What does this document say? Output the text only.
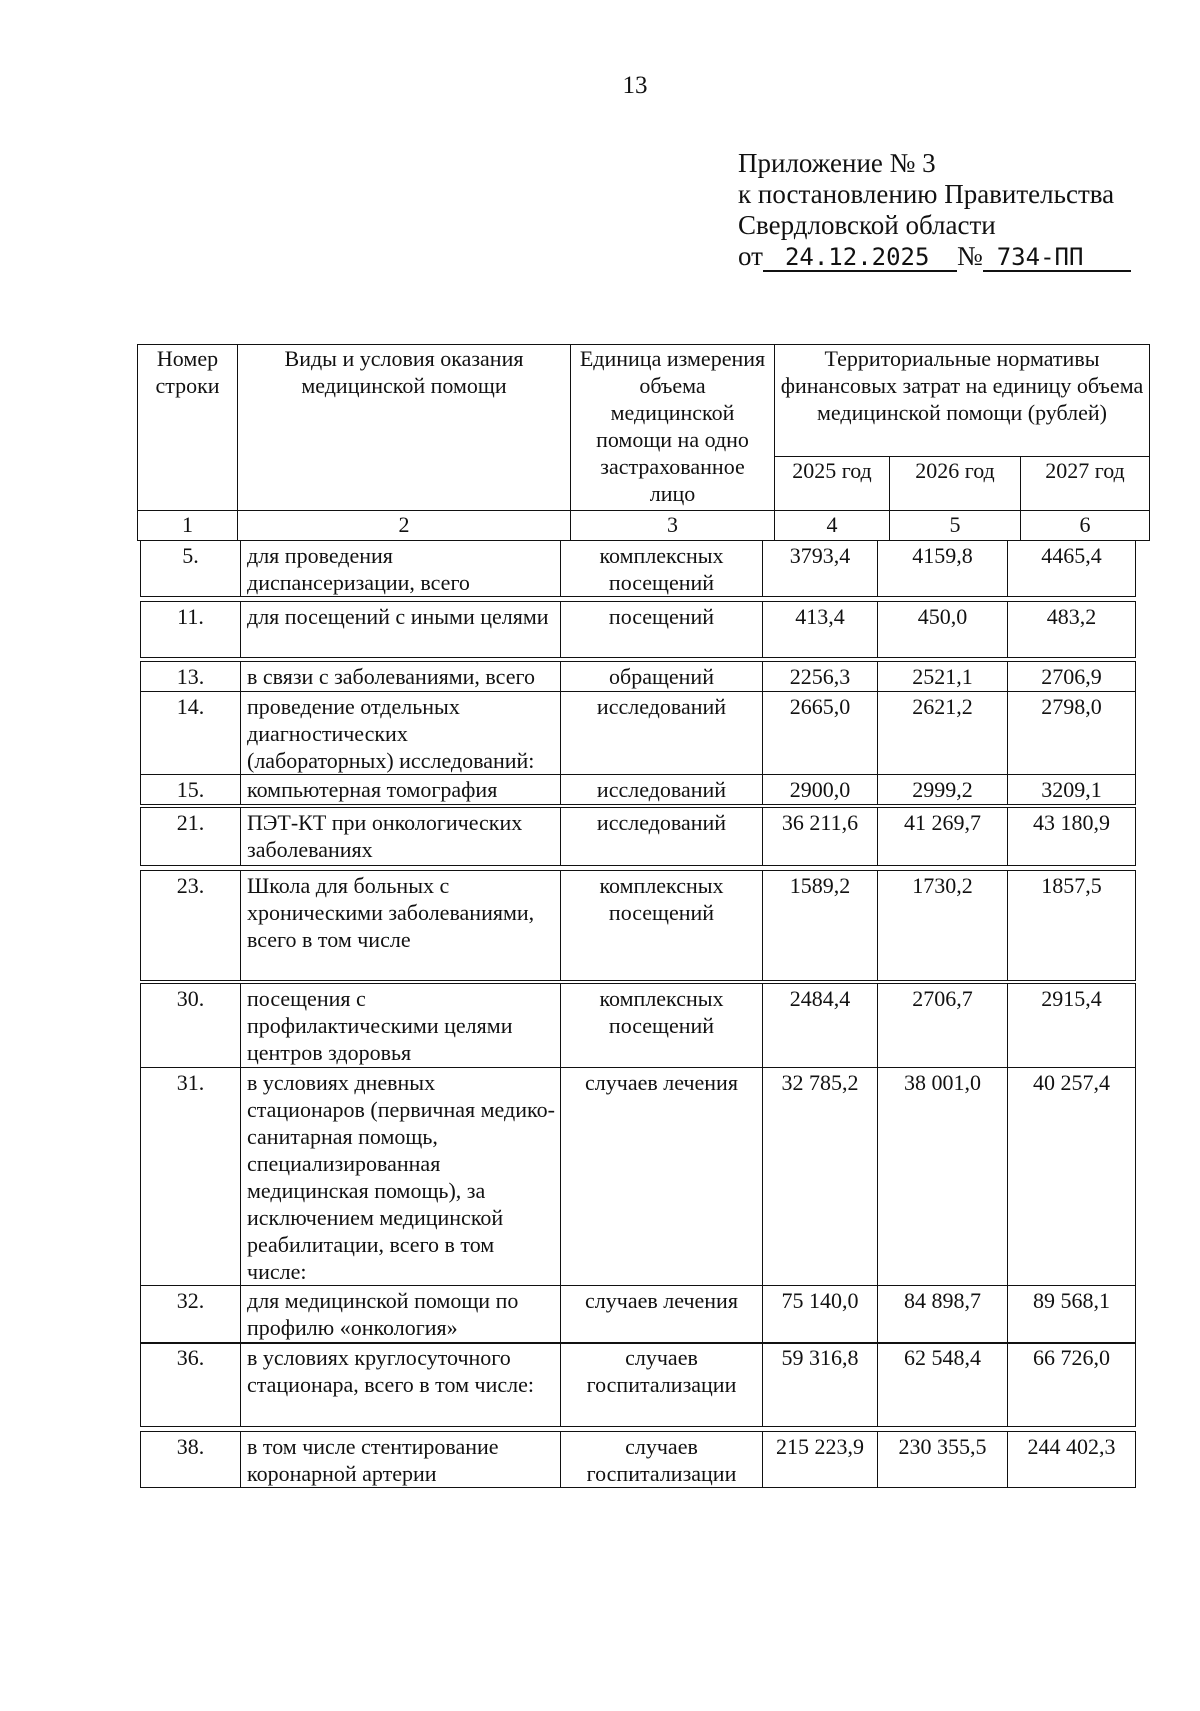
13
Приложение № 3
к постановлению Правительства
Свердловской области
от 24.12.2025 № 734-ПП
Номер строки	Виды и условия оказания медицинской помощи	Единица измерения объема медицинской помощи на одно застрахованное лицо	Территориальные нормативы финансовых затрат на единицу объема медицинской помощи (рублей)		
			2025 год	2026 год	2027 год
1	2	3	4	5	6
5.	для проведения диспансеризации, всего	комплексных посещений	3793,4	4159,8	4465,4
11.	для посещений с иными целями	посещений	413,4	450,0	483,2
13.	в связи с заболеваниями, всего	обращений	2256,3	2521,1	2706,9
14.	проведение отдельных диагностических (лабораторных) исследований:	исследований	2665,0	2621,2	2798,0
15.	компьютерная томография	исследований	2900,0	2999,2	3209,1
21.	ПЭТ-КТ при онкологических заболеваниях	исследований	36 211,6	41 269,7	43 180,9
23.	Школа для больных с хроническими заболеваниями, всего в том числе	комплексных посещений	1589,2	1730,2	1857,5
30.	посещения с профилактическими целями центров здоровья	комплексных посещений	2484,4	2706,7	2915,4
31.	в условиях дневных стационаров (первичная медико-санитарная помощь, специализированная медицинская помощь), за исключением медицинской реабилитации, всего в том числе:	случаев лечения	32 785,2	38 001,0	40 257,4
32.	для медицинской помощи по профилю «онкология»	случаев лечения	75 140,0	84 898,7	89 568,1
36.	в условиях круглосуточного стационара, всего в том числе:	случаев госпитализации	59 316,8	62 548,4	66 726,0
38.	в том числе стентирование коронарной артерии	случаев госпитализации	215 223,9	230 355,5	244 402,3
